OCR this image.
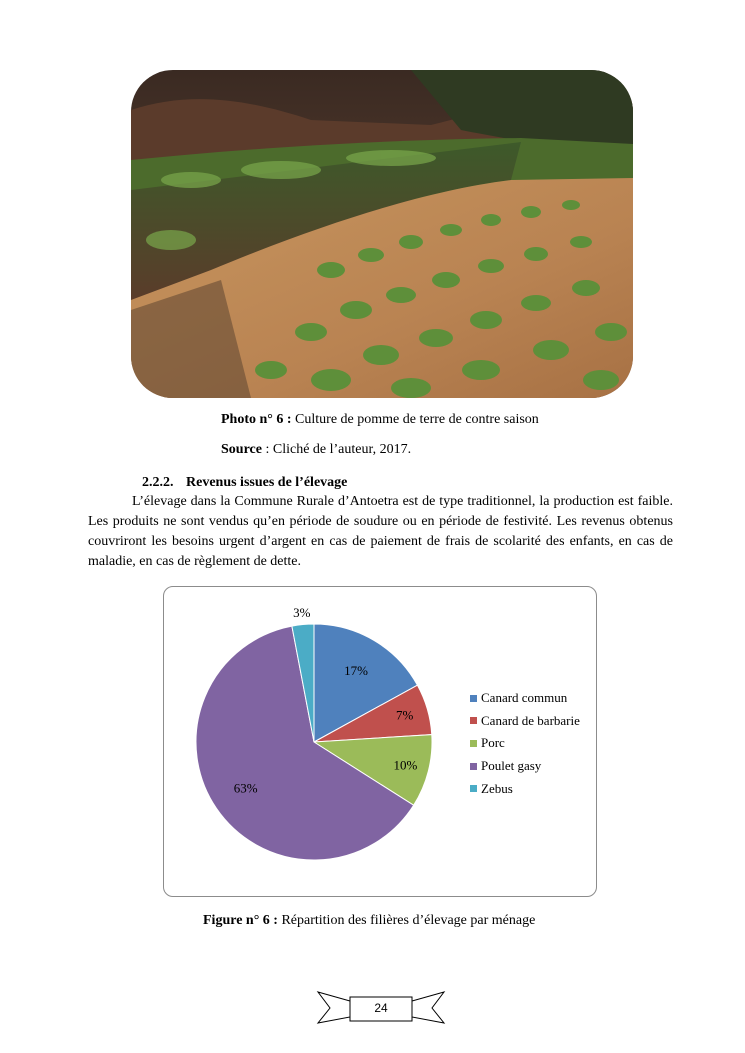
Photo n° 6 : Culture de pomme de terre de contre saison
Source : Cliché de l’auteur, 2017.
2.2.2. Revenus issues de l’élevage

L’élevage dans la Commune Rurale d’Antoetra est de type traditionnel, la production est faible. Les produits ne sont vendus qu’en période de soudure ou en période de festivité. Les revenus obtenus couvriront les besoins urgent d’argent en cas de paiement de frais de scolarité des enfants, en cas de maladie, en cas de règlement de dette.

17%
7%
10%
63%
3%
Canard commun
Canard de barbarie
Porc
Poulet gasy
Zebus
Figure n° 6 : Répartition des filières d’élevage par ménage
24
